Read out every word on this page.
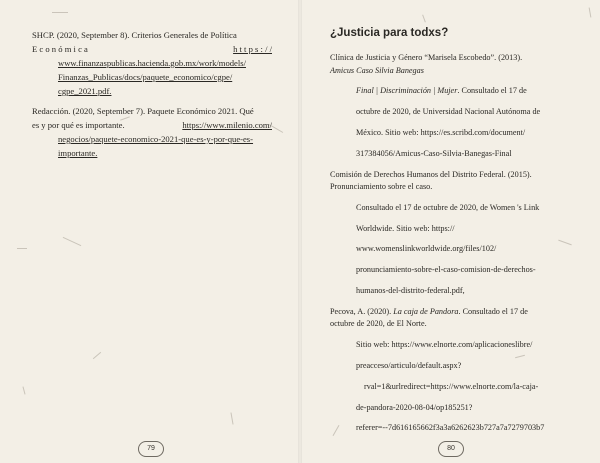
SHCP. (2020, September 8). Criterios Generales de Política

E c o n ó m i c a	h t t p s : / /
www.finanzaspublicas.hacienda.gob.mx/work/models/
Finanzas_Publicas/docs/paquete_economico/cgpe/
cgpe_2021.pdf.

Redacción. (2020, September 7). Paquete Económico 2021. Qué

es y por qué es importante.	https://www.milenio.com/
negocios/paquete-economico-2021-que-es-y-por-que-es-
importante.

79
¿Justicia para todxs?

Clínica de Justicia y Género “Marisela Escobedo”. (2013).

Amicus Caso Silvia Banegas

Final | Discriminación | Mujer. Consultado el 17 de

octubre de 2020, de Universidad Nacional Autónoma de

México. Sitio web: https://es.scribd.com/document/

317384056/Amicus-Caso-Silvia-Banegas-Final

Comisión de Derechos Humanos del Distrito Federal. (2015).

Pronunciamiento sobre el caso.

Consultado el 17 de octubre de 2020, de Women 's Link

Worldwide. Sitio web: https://

www.womenslinkworldwide.org/files/102/

pronunciamiento-sobre-el-caso-comision-de-derechos-

humanos-del-distrito-federal.pdf,

Pecova, A. (2020). La caja de Pandora. Consultado el 17 de

octubre de 2020, de El Norte.

Sitio web: https://www.elnorte.com/aplicacioneslibre/

preacceso/articulo/default.aspx?

rval=1&urlredirect=https://www.elnorte.com/la-caja-

de-pandora-2020-08-04/op185251?

referer=--7d616165662f3a3a6262623b727a7a7279703b7

80
